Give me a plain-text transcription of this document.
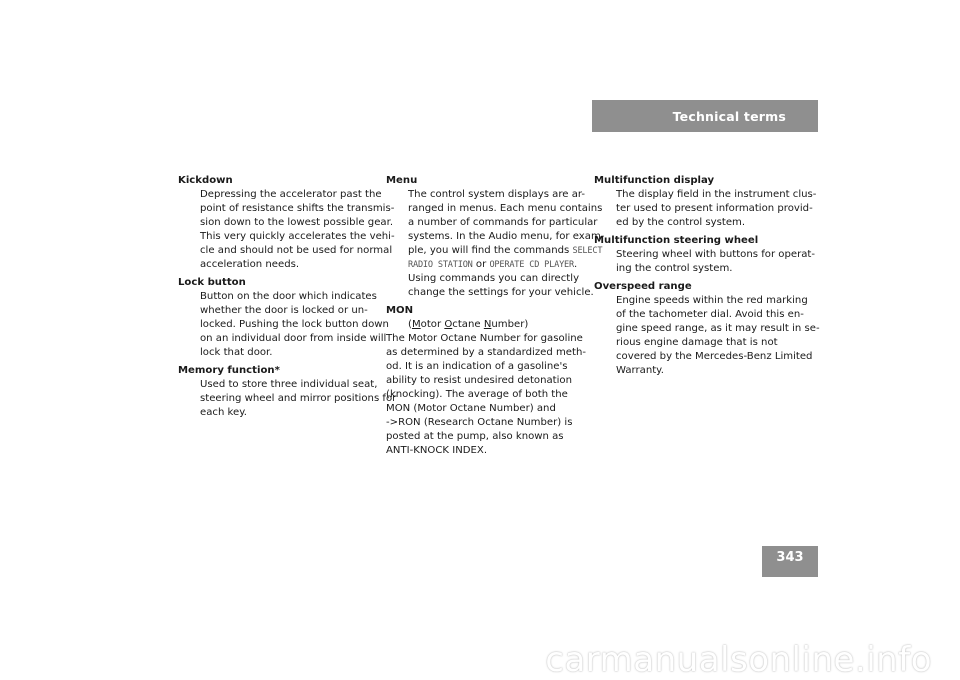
Technical terms
Kickdown
Depressing the accelerator past the
point of resistance shifts the transmis-
sion down to the lowest possible gear.
This very quickly accelerates the vehi-
cle and should not be used for normal
acceleration needs.
Lock button
Button on the door which indicates
whether the door is locked or un-
locked. Pushing the lock button down
on an individual door from inside will
lock that door.
Memory function*
Used to store three individual seat,
steering wheel and mirror positions for
each key.
Menu
The control system displays are ar-
ranged in menus. Each menu contains
a number of commands for particular
systems. In the Audio menu, for exam-
ple, you will find the commands SELECT
RADIO STATION or OPERATE CD PLAYER.
Using commands you can directly
change the settings for your vehicle.
MON
(Motor Octane Number)
The Motor Octane Number for gasoline
as determined by a standardized meth-
od. It is an indication of a gasoline's
ability to resist undesired detonation
(knocking). The average of both the
MON (Motor Octane Number) and
->RON (Research Octane Number) is
posted at the pump, also known as
ANTI-KNOCK INDEX.
Multifunction display
The display field in the instrument clus-
ter used to present information provid-
ed by the control system.
Multifunction steering wheel
Steering wheel with buttons for operat-
ing the control system.
Overspeed range
Engine speeds within the red marking
of the tachometer dial. Avoid this en-
gine speed range, as it may result in se-
rious engine damage that is not
covered by the Mercedes-Benz Limited
Warranty.
343
carmanualsonline.info
